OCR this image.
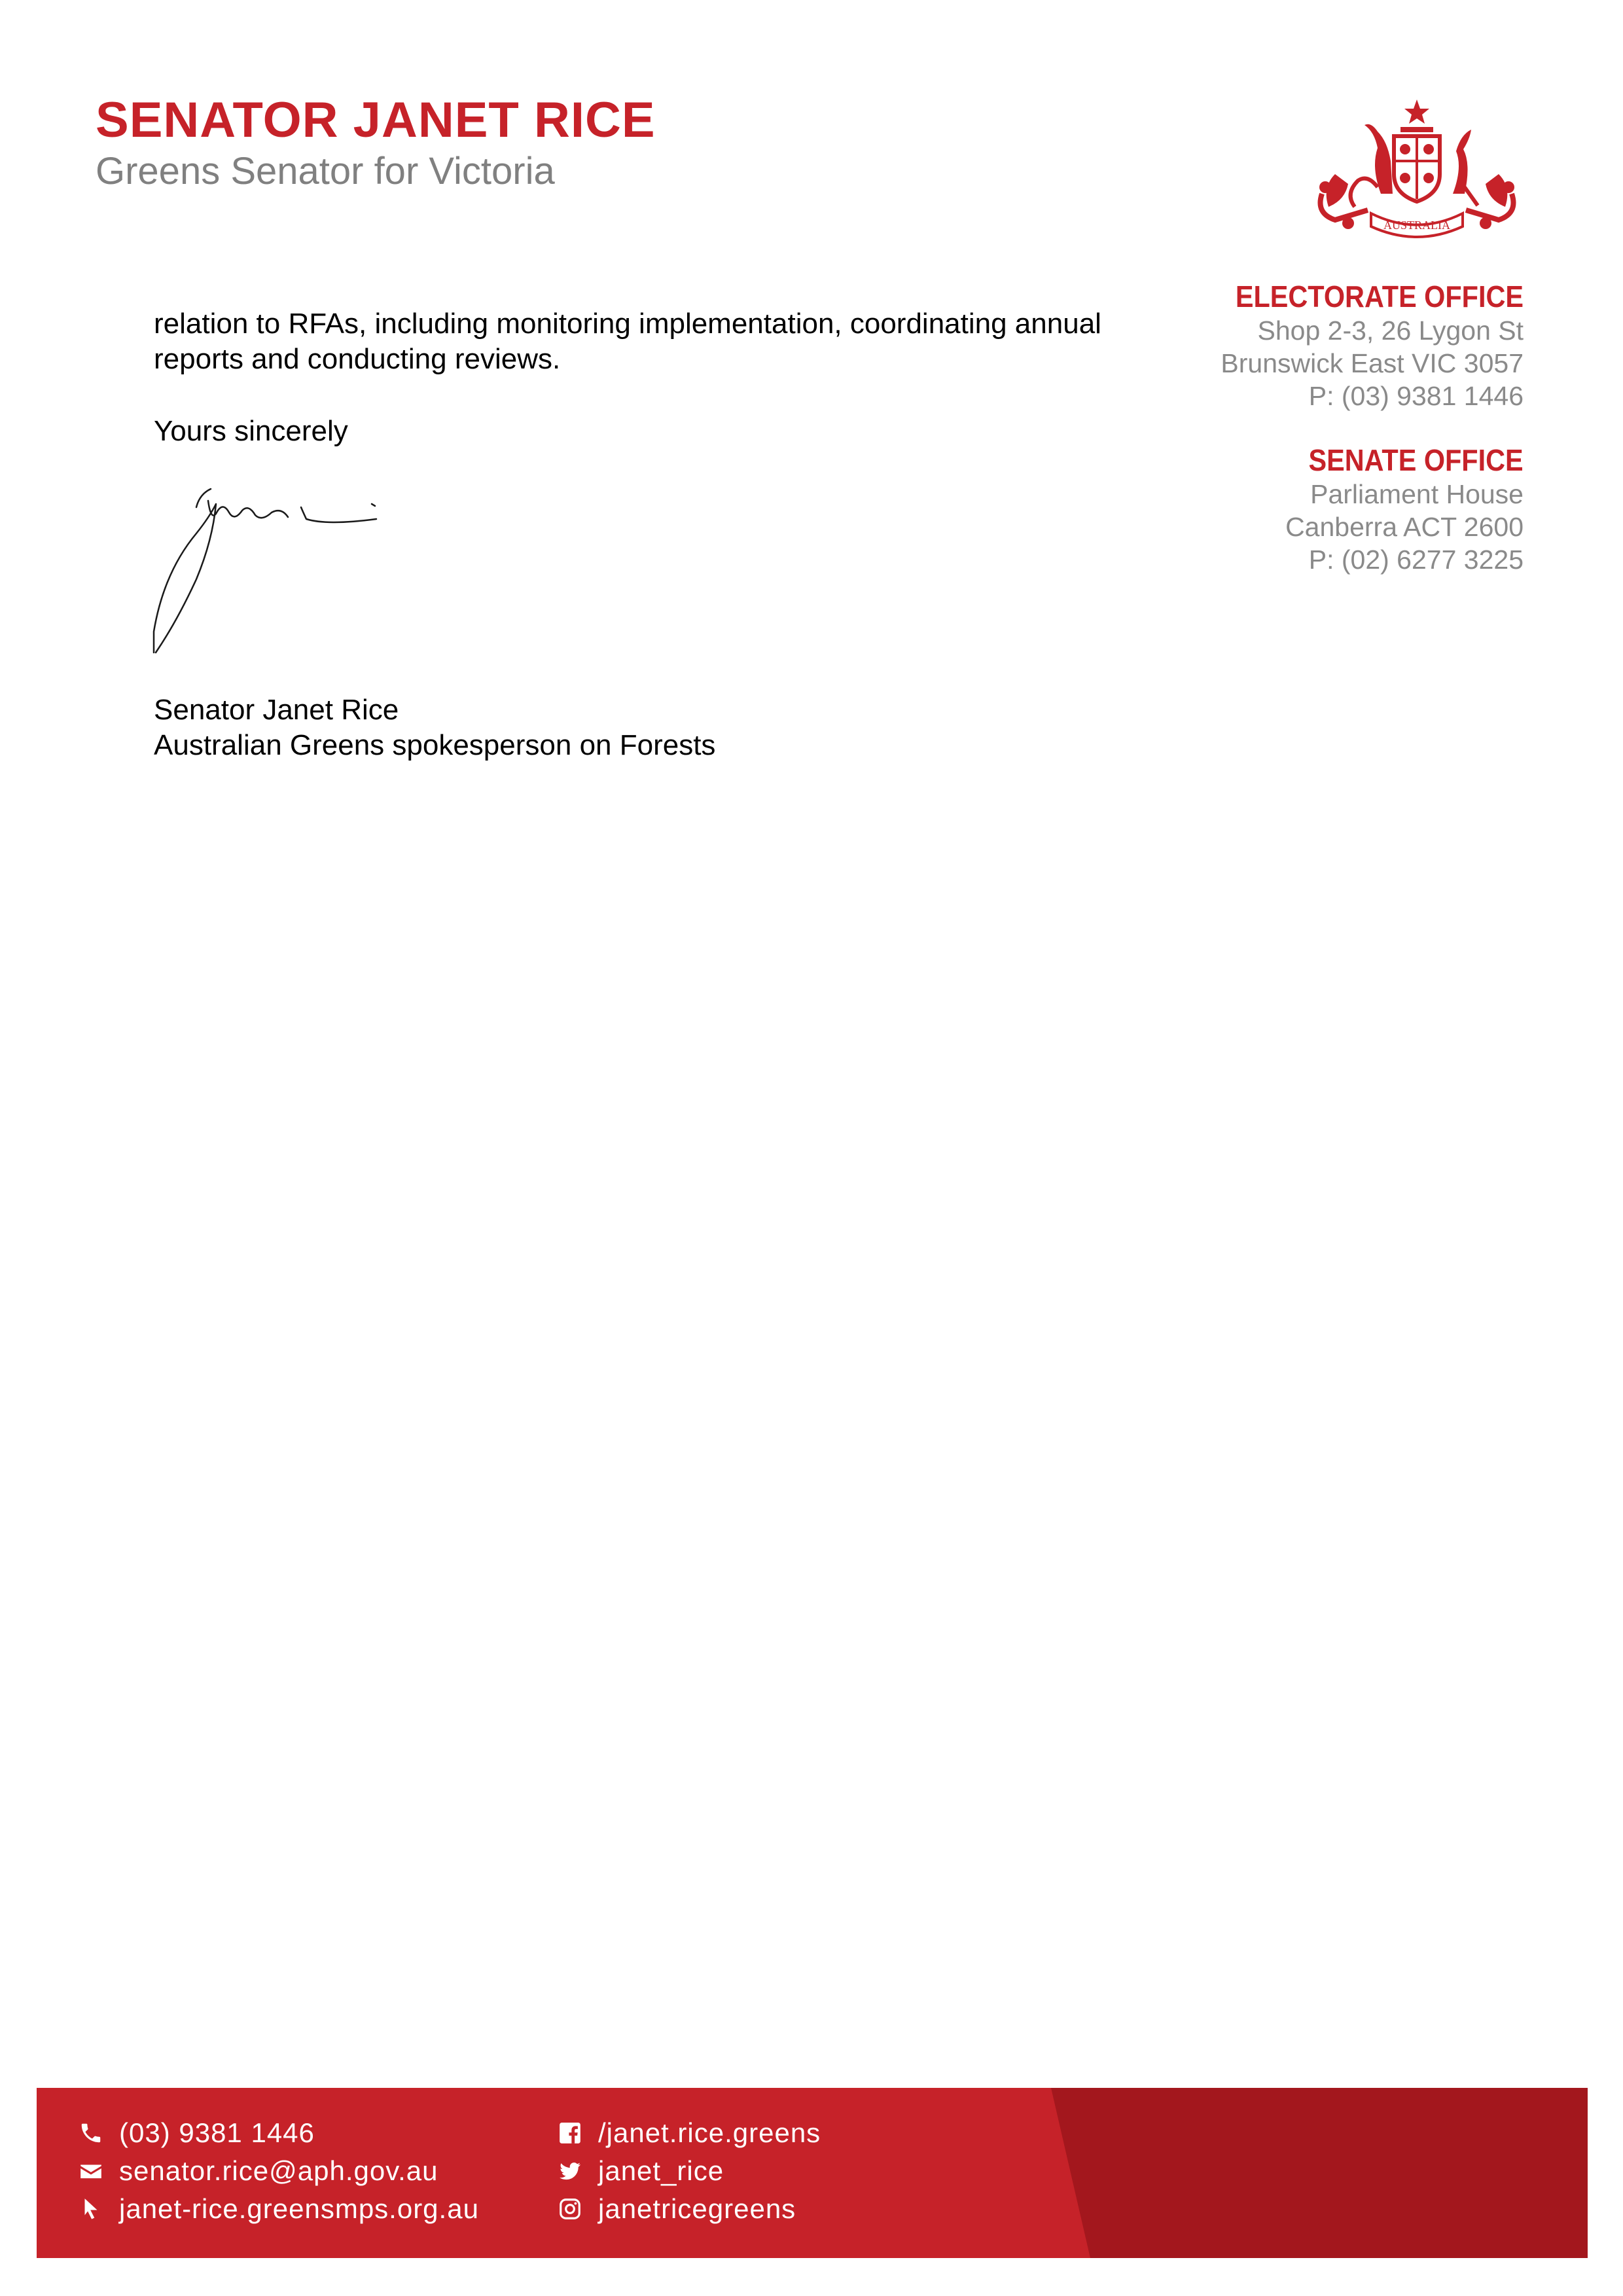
SENATOR JANET RICE
Greens Senator for Victoria
AUSTRALIA
ELECTORATE OFFICE
Shop 2-3, 26 Lygon St
Brunswick East VIC 3057
P: (03) 9381 1446
SENATE OFFICE
Parliament House
Canberra ACT 2600
P: (02) 6277 3225
relation to RFAs, including monitoring implementation, coordinating annual
reports and conducting reviews.
Yours sincerely
Senator Janet Rice
Australian Greens spokesperson on Forests
(03) 9381 1446
senator.rice@aph.gov.au
janet-rice.greensmps.org.au
/janet.rice.greens
janet_rice
janetricegreens
